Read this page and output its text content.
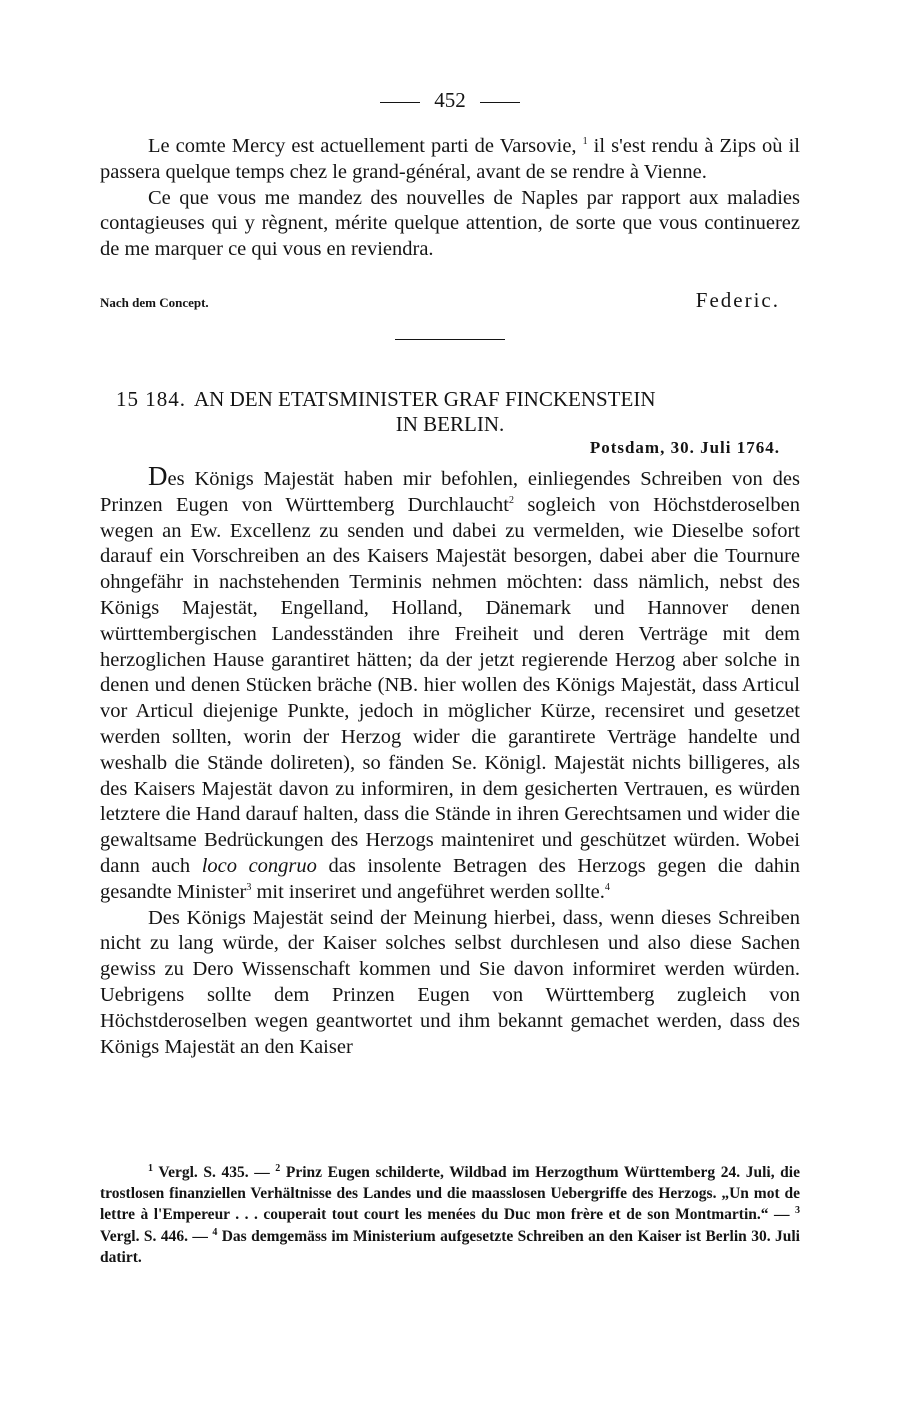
452

Le comte Mercy est actuellement parti de Varsovie, $^1$ il s'est rendu à Zips où il passera quelque temps chez le grand-général, avant de se rendre à Vienne.

Ce que vous me mandez des nouvelles de Naples par rapport aux maladies contagieuses qui y règnent, mérite quelque attention, de sorte que vous continuerez de me marquer ce qui vous en reviendra.

Nach dem Concept.	Federic.
15 184. AN DEN ETATSMINISTER GRAF FINCKENSTEIN
IN BERLIN.
Potsdam, 30. Juli 1764.

Des Königs Majestät haben mir befohlen, einliegendes Schreiben von des Prinzen Eugen von Württemberg Durchlaucht$^2$ sogleich von Höchstderoselben wegen an Ew. Excellenz zu senden und dabei zu vermelden, wie Dieselbe sofort darauf ein Vorschreiben an des Kaisers Majestät besorgen, dabei aber die Tournure ohngefähr in nachstehenden Terminis nehmen möchten: dass nämlich, nebst des Königs Majestät, Engelland, Holland, Dänemark und Hannover denen württembergischen Landesständen ihre Freiheit und deren Verträge mit dem herzoglichen Hause garantiret hätten; da der jetzt regierende Herzog aber solche in denen und denen Stücken bräche (NB. hier wollen des Königs Majestät, dass Articul vor Articul diejenige Punkte, jedoch in möglicher Kürze, recensiret und gesetzet werden sollten, worin der Herzog wider die garantirete Verträge handelte und weshalb die Stände dolireten), so fänden Se. Königl. Majestät nichts billigeres, als des Kaisers Majestät davon zu informiren, in dem gesicherten Vertrauen, es würden letztere die Hand darauf halten, dass die Stände in ihren Gerechtsamen und wider die gewaltsame Bedrückungen des Herzogs mainteniret und geschützet würden. Wobei dann auch loco congruo das insolente Betragen des Herzogs gegen die dahin gesandte Minister$^3$ mit inseriret und angeführet werden sollte.$^4$

Des Königs Majestät seind der Meinung hierbei, dass, wenn dieses Schreiben nicht zu lang würde, der Kaiser solches selbst durchlesen und also diese Sachen gewiss zu Dero Wissenschaft kommen und Sie davon informiret werden würden. Uebrigens sollte dem Prinzen Eugen von Württemberg zugleich von Höchstderoselben wegen geantwortet und ihm bekannt gemachet werden, dass des Königs Majestät an den Kaiser

$^1$ Vergl. S. 435. — $^2$ Prinz Eugen schilderte, Wildbad im Herzogthum Württemberg 24. Juli, die trostlosen finanziellen Verhältnisse des Landes und die maasslosen Uebergriffe des Herzogs. „Un mot de lettre à l'Empereur . . . couperait tout court les menées du Duc mon frère et de son Montmartin.“ — $^3$ Vergl. S. 446. — $^4$ Das demgemäss im Ministerium aufgesetzte Schreiben an den Kaiser ist Berlin 30. Juli datirt.
